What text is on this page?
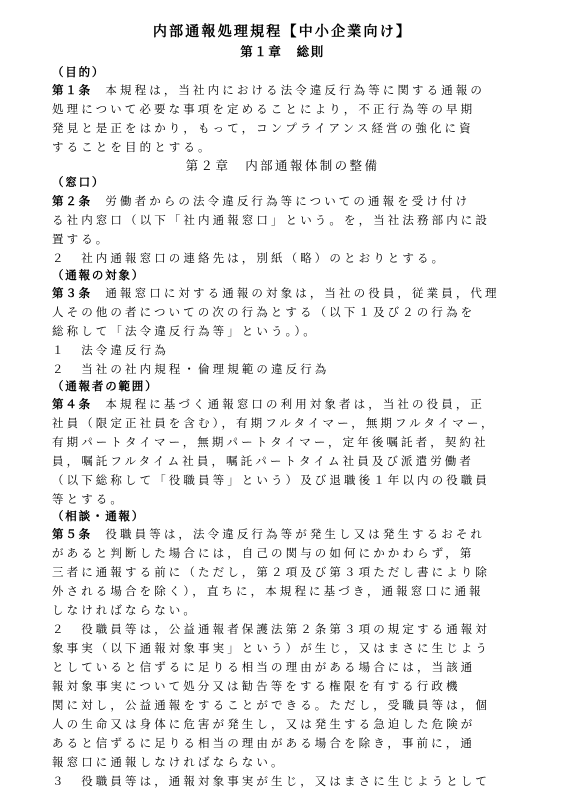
内部通報処理規程【中小企業向け】
第１章　総則
（目的）
第１条 本規程は，当社内における法令違反行為等に関する通報の
処理について必要な事項を定めることにより，不正行為等の早期
発見と是正をはかり，もって，コンプライアンス経営の強化に資
することを目的とする。
第２章　内部通報体制の整備
（窓口）
第２条 労働者からの法令違反行為等についての通報を受け付け
る社内窓口（以下「社内通報窓口」という。を，当社法務部内に設
置する。
２　社内通報窓口の連絡先は，別紙（略）のとおりとする。
（通報の対象）
第３条 通報窓口に対する通報の対象は，当社の役員，従業員，代理
人その他の者についての次の行為とする（以下１及び２の行為を
総称して「法令違反行為等」という。）。
１　法令違反行為
２　当社の社内規程・倫理規範の違反行為
（通報者の範囲）
第４条 本規程に基づく通報窓口の利用対象者は，当社の役員，正
社員（限定正社員を含む），有期フルタイマー，無期フルタイマー，
有期パートタイマー，無期パートタイマー，定年後嘱託者，契約社
員，嘱託フルタイム社員，嘱託パートタイム社員及び派遣労働者
（以下総称して「役職員等」という）及び退職後１年以内の役職員
等とする。
（相談・通報）
第５条 役職員等は，法令違反行為等が発生し又は発生するおそれ
があると判断した場合には，自己の関与の如何にかかわらず，第
三者に通報する前に（ただし，第２項及び第３項ただし書により除
外される場合を除く），直ちに，本規程に基づき，通報窓口に通報
しなければならない。
２　役職員等は，公益通報者保護法第２条第３項の規定する通報対
象事実（以下通報対象事実」という）が生じ，又はまさに生じよう
としていると信ずるに足りる相当の理由がある場合には，当該通
報対象事実について処分又は勧告等をする権限を有する行政機
関に対し，公益通報をすることができる。ただし，受職員等は，個
人の生命又は身体に危害が発生し，又は発生する急迫した危険が
あると信ずるに足りる相当の理由がある場合を除き，事前に，通
報窓口に通報しなければならない。
３　役職員等は，通報対象事実が生じ，又はまさに生じようとして
